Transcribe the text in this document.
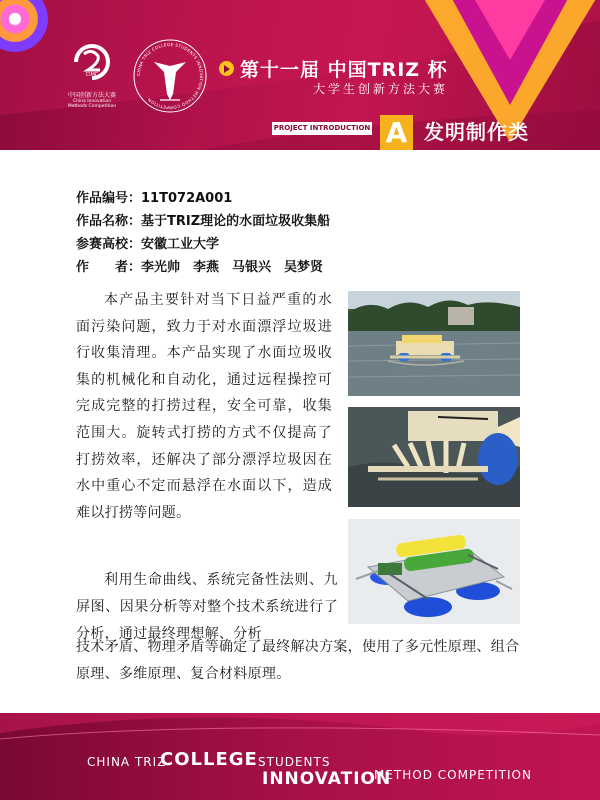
CIMC
中国创新方法大赛
China Innovation
Methods Competition
CHINA TRIZ COLLEGE STUDENTS INNOVATION METHOD COMPETITION
第十一届 中国TRIZ 杯
大学生创新方法大赛
PROJECT INTRODUCTION A 发明制作类
作品编号：11T072A001
作品名称：基于TRIZ理论的水面垃圾收集船
参赛高校：安徽工业大学
作　　者：李光帅　李燕　马银兴　吴梦贤
本产品主要针对当下日益严重的水面污染问题，致力于对水面漂浮垃圾进行收集清理。本产品实现了水面垃圾收集的机械化和自动化，通过远程操控可完成完整的打捞过程，安全可靠，收集范围大。旋转式打捞的方式不仅提高了打捞效率，还解决了部分漂浮垃圾因在水中重心不定而悬浮在水面以下，造成难以打捞等问题。
利用生命曲线、系统完备性法则、九屏图、因果分析等对整个技术系统进行了分析，通过最终理想解、分析
技术矛盾、物理矛盾等确定了最终解决方案，使用了多元性原理、组合原理、多维原理、复合材料原理。
CHINA TRIZ
COLLEGE STUDENTS
INNOVATION
METHOD COMPETITION
